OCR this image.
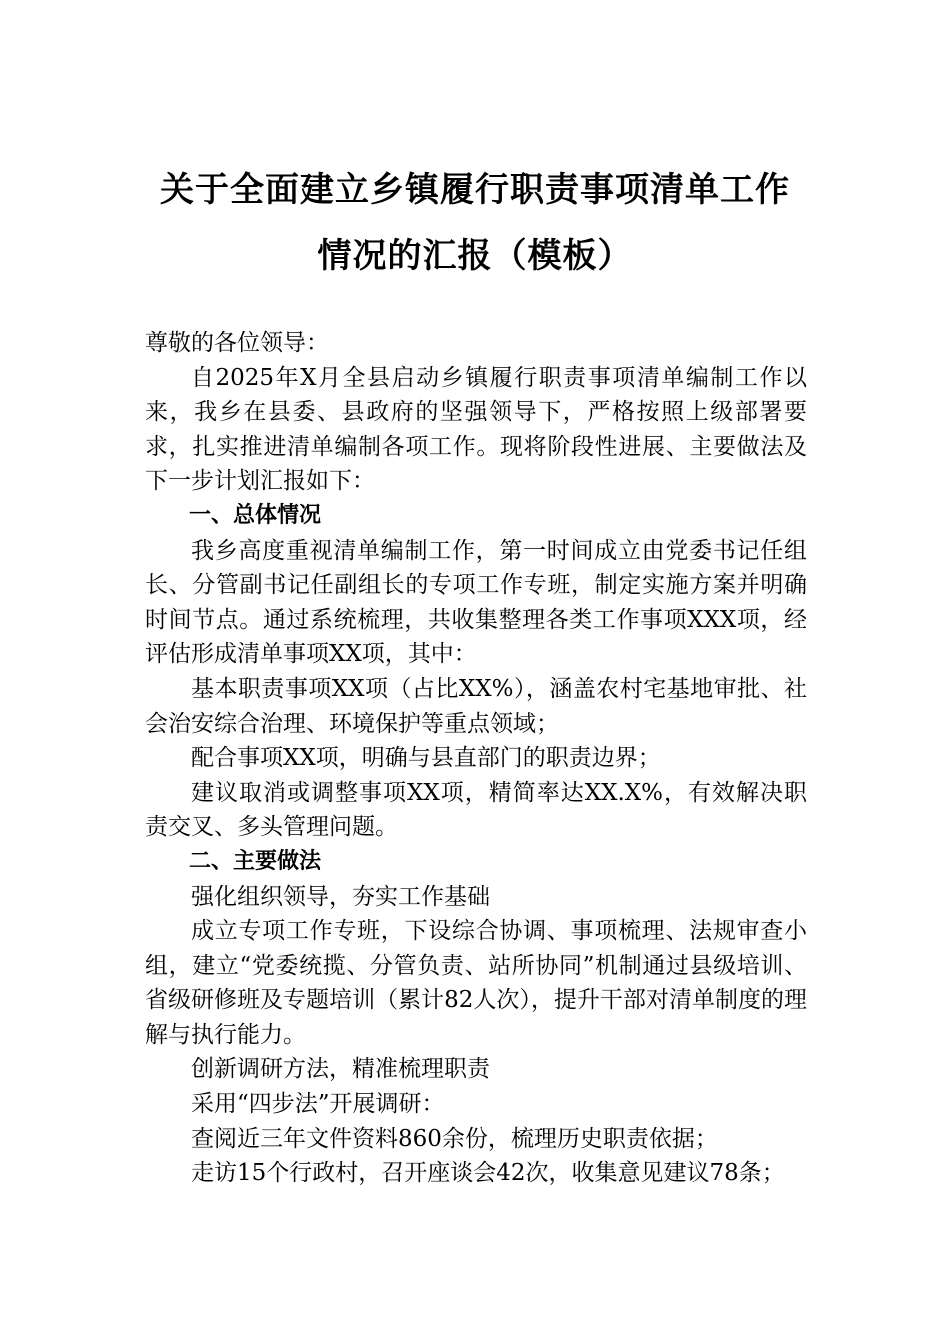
关于全面建立乡镇履行职责事项清单工作
情况的汇报（模板）

尊敬的各位领导：

自2025年X月全县启动乡镇履行职责事项清单编制工作以来，我乡在县委、县政府的坚强领导下，严格按照上级部署要求，扎实推进清单编制各项工作。现将阶段性进展、主要做法及下一步计划汇报如下：

一、总体情况

我乡高度重视清单编制工作，第一时间成立由党委书记任组长、分管副书记任副组长的专项工作专班，制定实施方案并明确时间节点。通过系统梳理，共收集整理各类工作事项XXX项，经评估形成清单事项XX项，其中：

基本职责事项XX项（占比XX%），涵盖农村宅基地审批、社会治安综合治理、环境保护等重点领域；

配合事项XX项，明确与县直部门的职责边界；

建议取消或调整事项XX项，精简率达XX.X%，有效解决职责交叉、多头管理问题。

二、主要做法

强化组织领导，夯实工作基础

成立专项工作专班，下设综合协调、事项梳理、法规审查小组，建立“党委统揽、分管负责、站所协同”机制通过县级培训、省级研修班及专题培训（累计82人次），提升干部对清单制度的理解与执行能力。

创新调研方法，精准梳理职责

采用“四步法”开展调研：

查阅近三年文件资料860余份，梳理历史职责依据；

走访15个行政村，召开座谈会42次，收集意见建议78条；
